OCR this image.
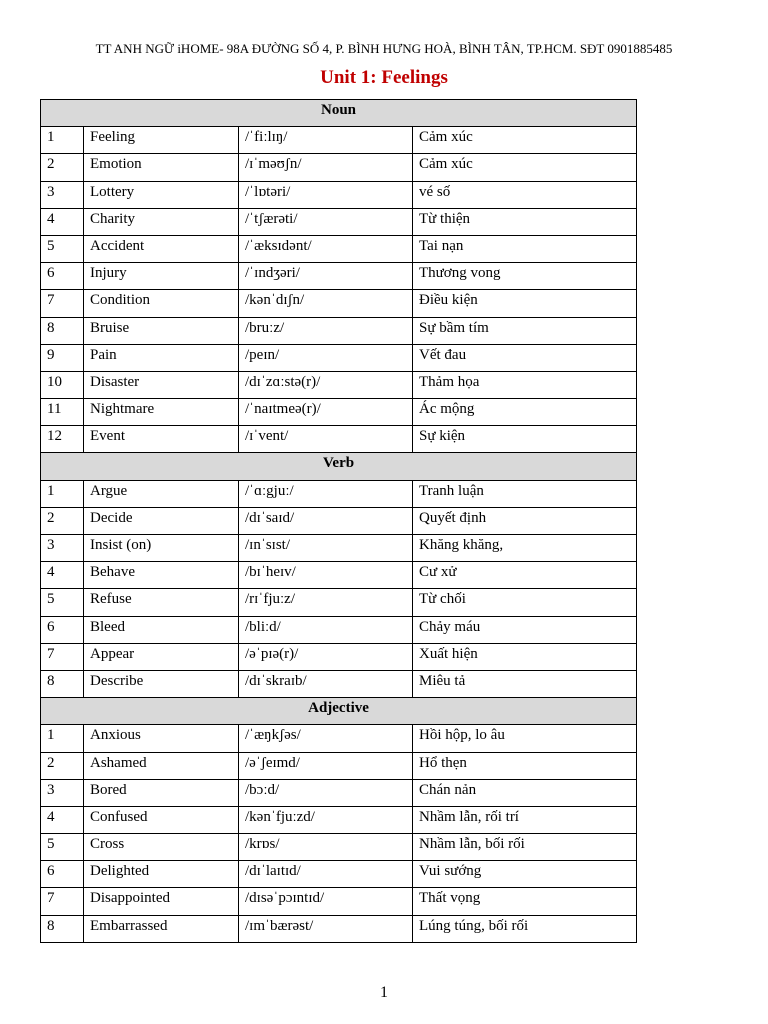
TT ANH NGỮ iHOME- 98A ĐƯỜNG SỐ 4, P. BÌNH HƯNG HOÀ, BÌNH TÂN, TP.HCM. SĐT 0901885485
Unit 1: Feelings
Noun			
1	Feeling	/ˈfiːlɪŋ/	Cảm xúc
2	Emotion	/ɪˈməʊʃn/	Cảm xúc
3	Lottery	/ˈlɒtəri/	vé số
4	Charity	/ˈtʃærəti/	Từ thiện
5	Accident	/ˈæksɪdənt/	Tai nạn
6	Injury	/ˈɪndʒəri/	Thương vong
7	Condition	/kənˈdɪʃn/	Điều kiện
8	Bruise	/bruːz/	Sự bầm tím
9	Pain	/peɪn/	Vết đau
10	Disaster	/dɪˈzɑːstə(r)/	Thảm họa
11	Nightmare	/ˈnaɪtmeə(r)/	Ác mộng
12	Event	/ɪˈvent/	Sự kiện
Verb			
1	Argue	/ˈɑːgjuː/	Tranh luận
2	Decide	/dɪˈsaɪd/	Quyết định
3	Insist (on)	/ɪnˈsɪst/	Khăng khăng,
4	Behave	/bɪˈheɪv/	Cư xử
5	Refuse	/rɪˈfjuːz/	Từ chối
6	Bleed	/bliːd/	Chảy máu
7	Appear	/əˈpɪə(r)/	Xuất hiện
8	Describe	/dɪˈskraɪb/	Miêu tả
Adjective			
1	Anxious	/ˈæŋkʃəs/	Hồi hộp, lo âu
2	Ashamed	/əˈʃeɪmd/	Hổ thẹn
3	Bored	/bɔːd/	Chán nản
4	Confused	/kənˈfjuːzd/	Nhầm lẫn, rối trí
5	Cross	/krɒs/	Nhầm lẫn, bối rối
6	Delighted	/dɪˈlaɪtɪd/	Vui sướng
7	Disappointed	/dɪsəˈpɔɪntɪd/	Thất vọng
8	Embarrassed	/ɪmˈbærəst/	Lúng túng, bối rối
1
